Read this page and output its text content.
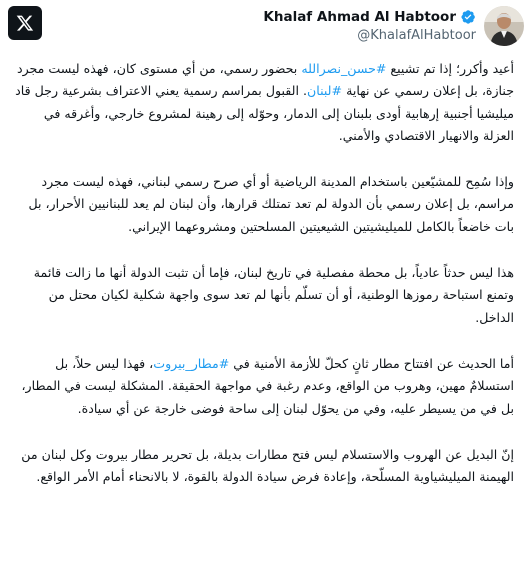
Khalaf Ahmad Al Habtoor
@KhalafAlHabtoor

أعيد وأكرر؛ إذا تم تشييع #حسن_نصرالله بحضور رسمي، من أي مستوى كان، فهذه ليست مجرد جنازة، بل إعلان رسمي عن نهاية #لبنان. القبول بمراسم رسمية يعني الاعتراف بشرعية رجل قاد ميليشيا أجنبية إرهابية أودى بلبنان إلى الدمار، وحوّله إلى رهينة لمشروع خارجي، وأغرقه في العزلة والانهيار الاقتصادي والأمني.

وإذا سُمِح للمشيّعين باستخدام المدينة الرياضية أو أي صرح رسمي لبناني، فهذه ليست مجرد مراسم، بل إعلان رسمي بأن الدولة لم تعد تمتلك قرارها، وأن لبنان لم يعد للبنانيين الأحرار، بل بات خاضعاً بالكامل للميليشيتين الشيعيتين المسلحتين ومشروعهما الإيراني.

هذا ليس حدثاً عادياً، بل محطة مفصلية في تاريخ لبنان، فإما أن تثبت الدولة أنها ما زالت قائمة وتمنع استباحة رموزها الوطنية، أو أن تسلّم بأنها لم تعد سوى واجهة شكلية لكيان محتل من الداخل.

أما الحديث عن افتتاح مطار ثانٍ كحلّ للأزمة الأمنية في #مطار_بيروت، فهذا ليس حلاً، بل استسلامٌ مهين، وهروب من الواقع، وعدم رغبة في مواجهة الحقيقة. المشكلة ليست في المطار، بل في من يسيطر عليه، وفي من يحوّل لبنان إلى ساحة فوضى خارجة عن أي سيادة.

إنّ البديل عن الهروب والاستسلام ليس فتح مطارات بديلة، بل تحرير مطار بيروت وكل لبنان من الهيمنة الميليشياوية المسلّحة، وإعادة فرض سيادة الدولة بالقوة، لا بالانحناء أمام الأمر الواقع.
